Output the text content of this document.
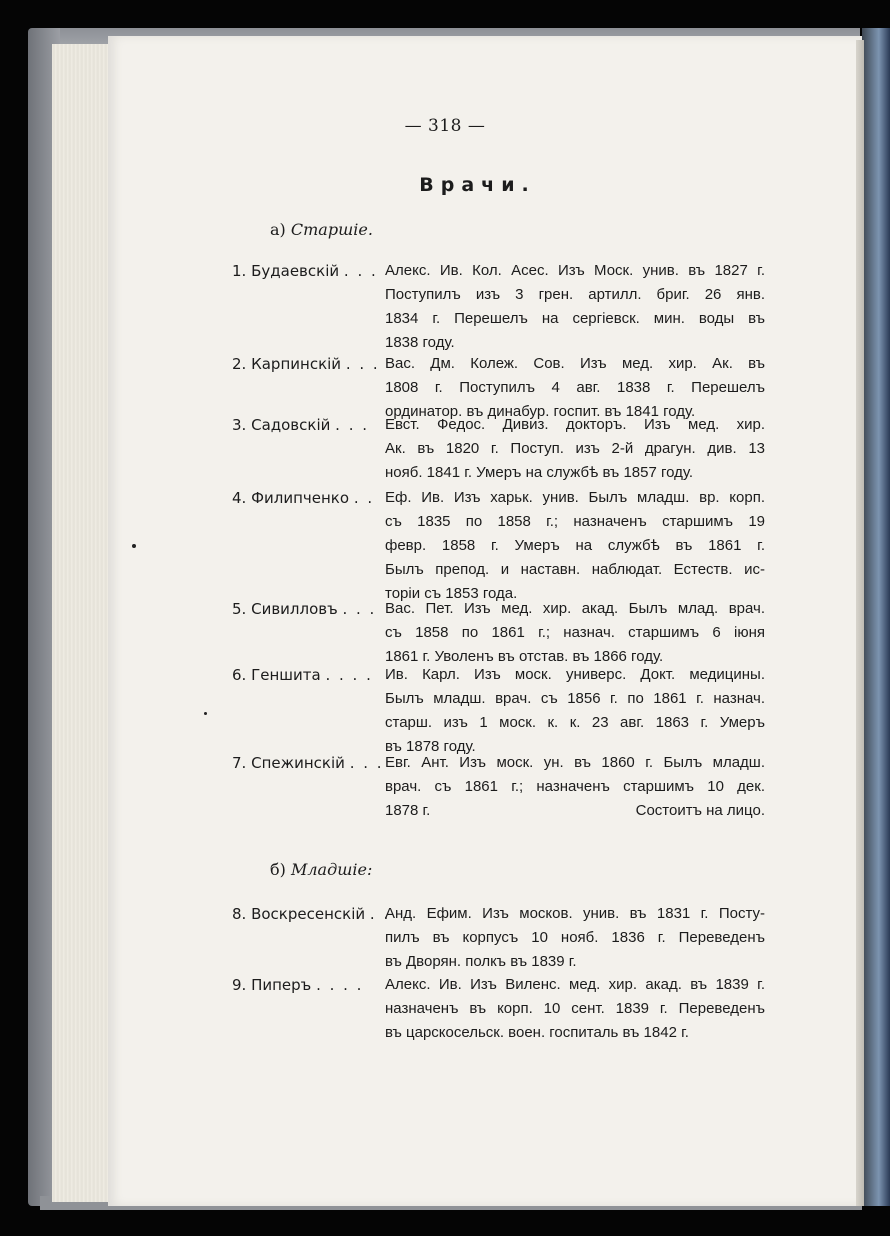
— 318 —
Врачи.
а) Старшіе.
1. Будаевскій . . . Алекс. Ив. Кол. Асес. Изъ Моск. унив. въ 1827 г.
Поступилъ изъ 3 грен. артилл. бриг. 26 янв.
1834 г. Перешелъ на сергіевск. мин. воды въ
1838 году.
2. Карпинскій . . . Вас. Дм. Колеж. Сов. Изъ мед. хир. Ак. въ
1808 г. Поступилъ 4 авг. 1838 г. Перешелъ
ординатор. въ динабур. госпит. въ 1841 году.
3. Садовскій . . . Евст. Федос. Дивиз. докторъ. Изъ мед. хир.
Ак. въ 1820 г. Поступ. изъ 2-й драгун. див. 13
нояб. 1841 г. Умеръ на службѣ въ 1857 году.
4. Филипченко . . Еф. Ив. Изъ харьк. унив. Былъ младш. вр. корп.
съ 1835 по 1858 г.; назначенъ старшимъ 19
февр. 1858 г. Умеръ на службѣ въ 1861 г.
Былъ препод. и наставн. наблюдат. Естеств. ис-
торіи съ 1853 года.
5. Сивилловъ . . . Вас. Пет. Изъ мед. хир. акад. Былъ млад. врач.
съ 1858 по 1861 г.; назнач. старшимъ 6 іюня
1861 г. Уволенъ въ отстав. въ 1866 году.
6. Геншита . . . . Ив. Карл. Изъ моск. универс. Докт. медицины.
Былъ младш. врач. съ 1856 г. по 1861 г. назнач.
старш. изъ 1 моск. к. к. 23 авг. 1863 г. Умеръ
въ 1878 году.
7. Спежинскій . . . Евг. Ант. Изъ моск. ун. въ 1860 г. Былъ младш.
врач. съ 1861 г.; назначенъ старшимъ 10 дек.
1878 г.	Состоитъ на лицо.
б) Младшіе:
8. Воскресенскій . .
Анд. Ефим. Изъ москов. унив. въ 1831 г. Посту-
пилъ въ корпусъ 10 нояб. 1836 г. Переведенъ
въ Дворян. полкъ въ 1839 г.
9. Пиперъ . . . . Алекс. Ив. Изъ Виленс. мед. хир. акад. въ 1839 г.
назначенъ въ корп. 10 сент. 1839 г. Переведенъ
въ царскосельск. воен. госпиталь въ 1842 г.
